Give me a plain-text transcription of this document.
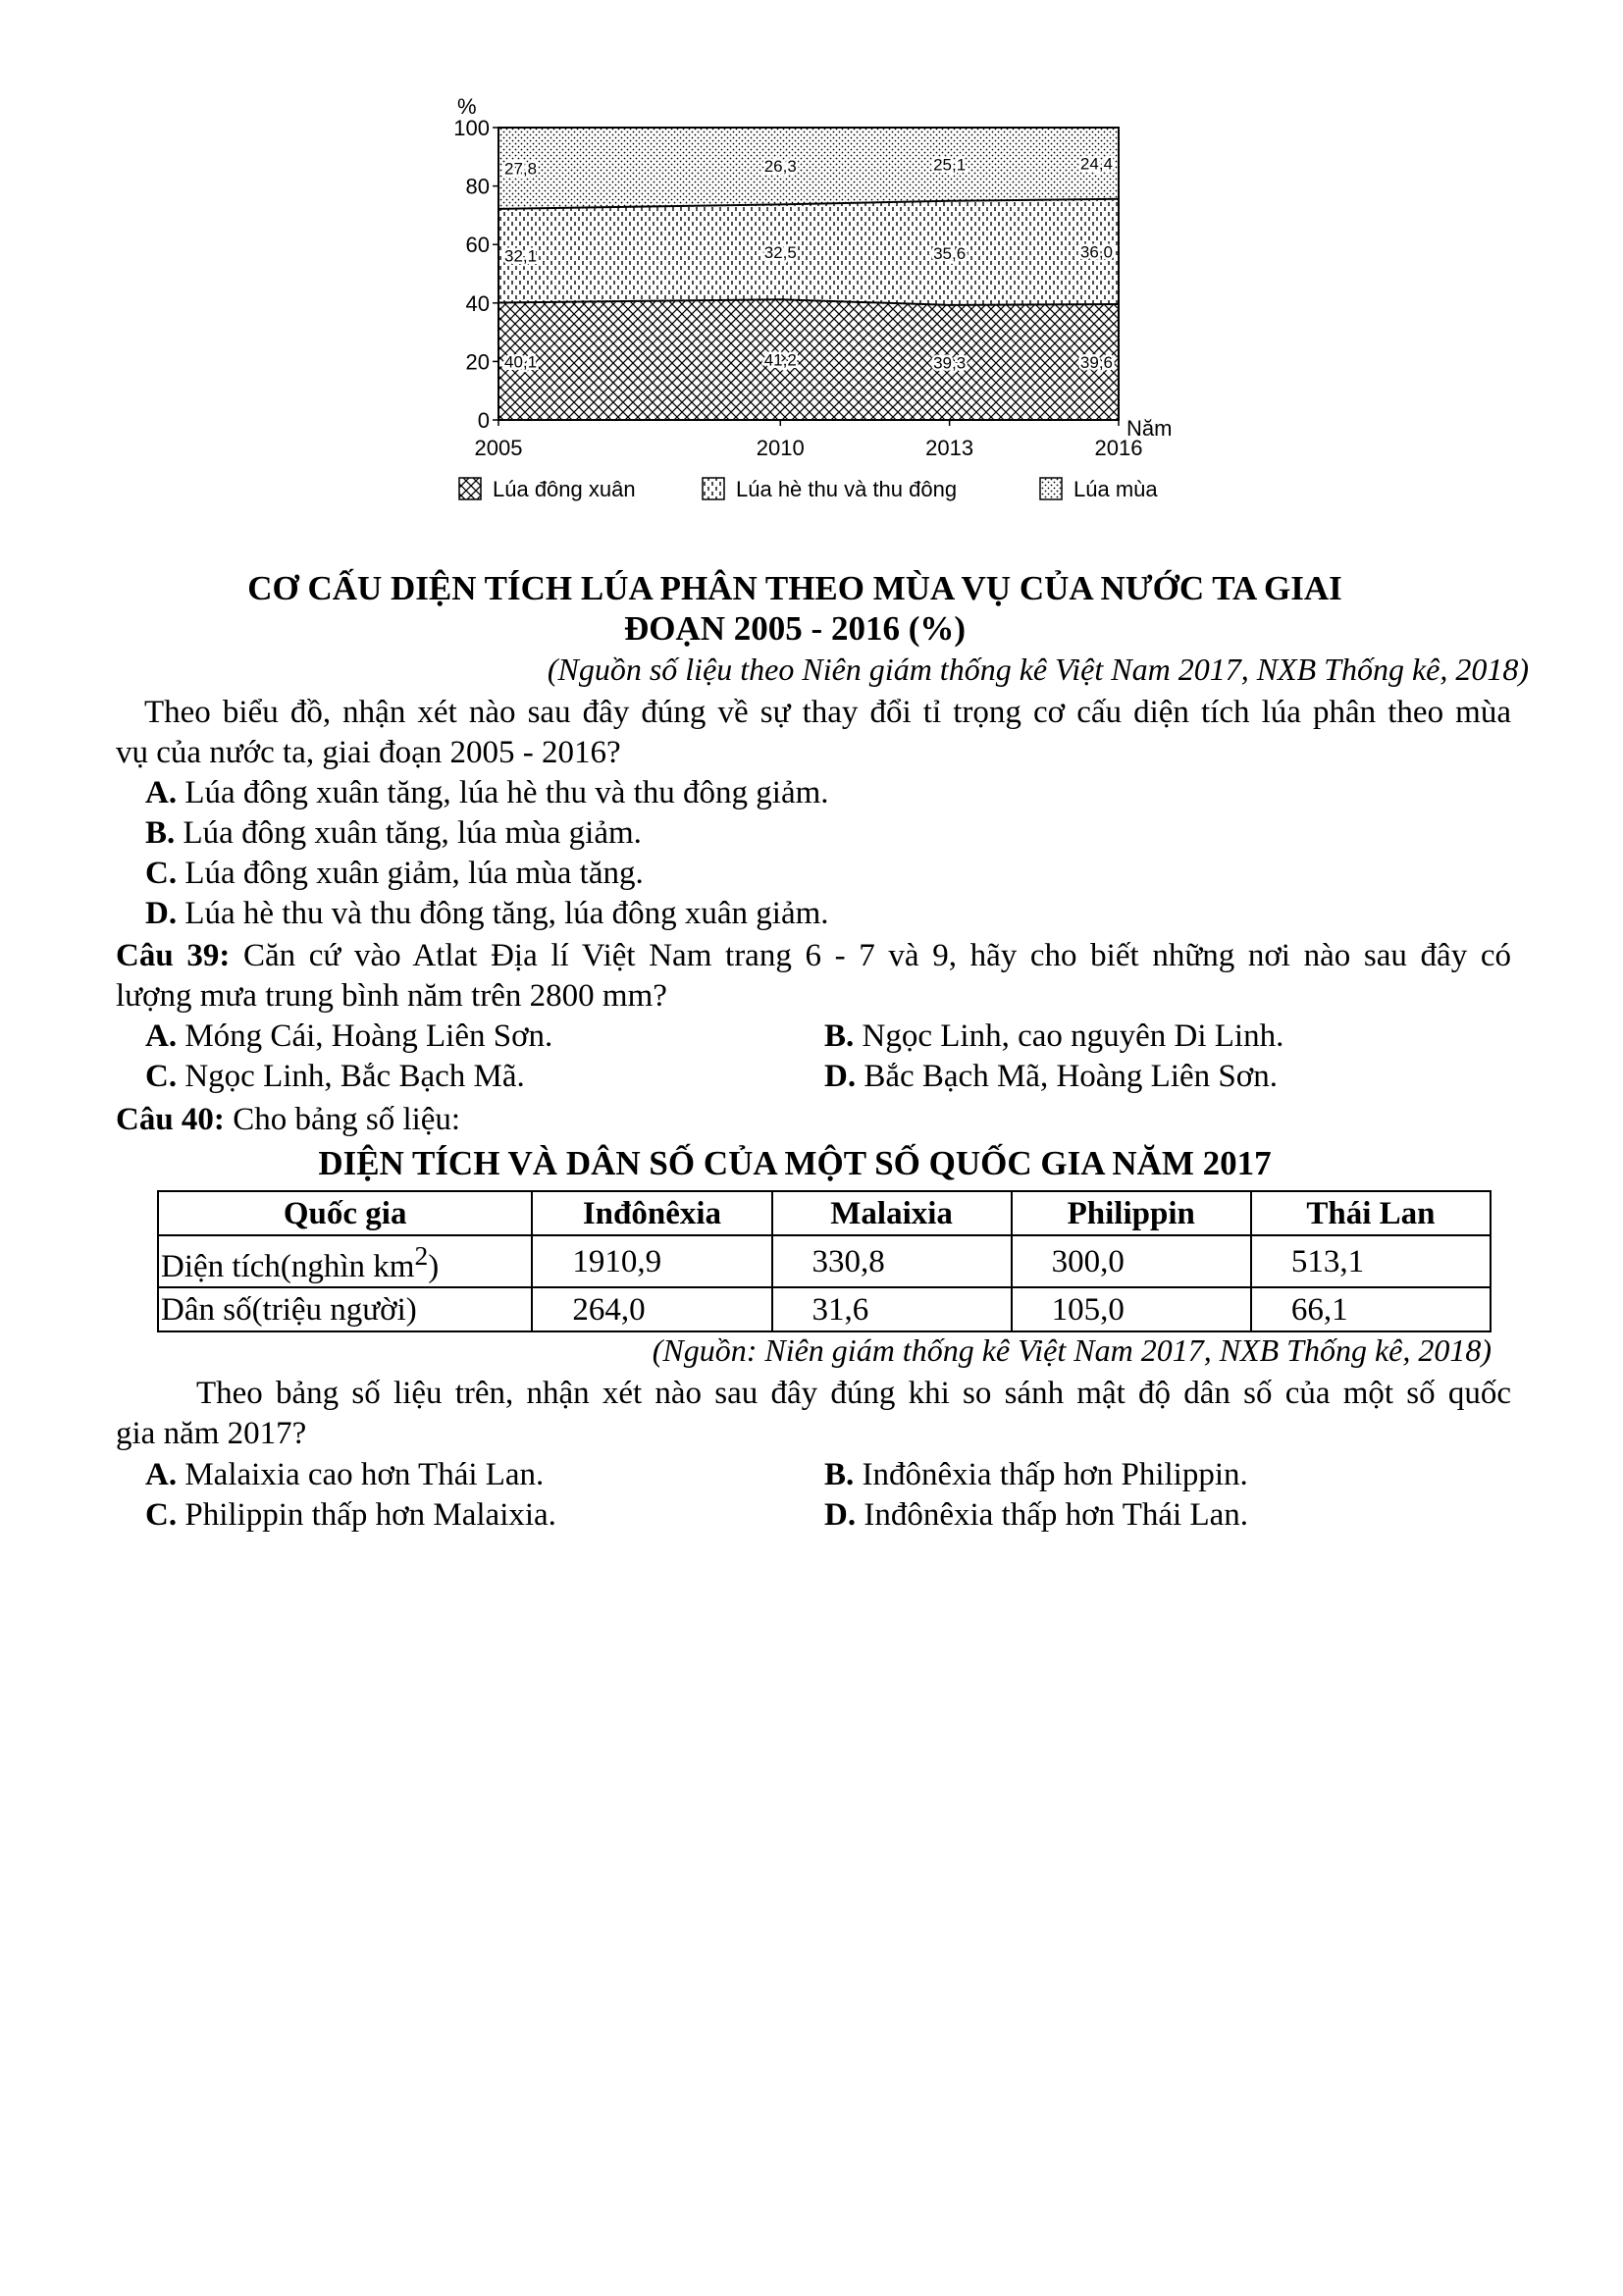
40,1	41,2	39,3	39,6
32,1	32,5	35,6	36,0
27,8	26,3	25,1	24,4
0
20
40
60
80
100
%
2005	2010	2013	2016
Năm
Lúa đông xuân	Lúa hè thu và thu đông	Lúa mùa
CƠ CẤU DIỆN TÍCH LÚA PHÂN THEO MÙA VỤ CỦA NƯỚC TA GIAI
ĐOẠN 2005 - 2016 (%)
(Nguồn số liệu theo Niên giám thống kê Việt Nam 2017, NXB Thống kê, 2018)
Theo biểu đồ, nhận xét nào sau đây đúng về sự thay đổi tỉ trọng cơ cấu diện tích lúa phân theo mùa
vụ của nước ta, giai đoạn 2005 - 2016?
A. Lúa đông xuân tăng, lúa hè thu và thu đông giảm.
B. Lúa đông xuân tăng, lúa mùa giảm.
C. Lúa đông xuân giảm, lúa mùa tăng.
D. Lúa hè thu và thu đông tăng, lúa đông xuân giảm.
Câu 39: Căn cứ vào Atlat Địa lí Việt Nam trang 6 - 7 và 9, hãy cho biết những nơi nào sau đây có
lượng mưa trung bình năm trên 2800 mm?
A. Móng Cái, Hoàng Liên Sơn.	B. Ngọc Linh, cao nguyên Di Linh.
C. Ngọc Linh, Bắc Bạch Mã.	D. Bắc Bạch Mã, Hoàng Liên Sơn.
Câu 40: Cho bảng số liệu:
DIỆN TÍCH VÀ DÂN SỐ CỦA MỘT SỐ QUỐC GIA NĂM 2017
Quốc gia	Inđônêxia	Malaixia	Philippin	Thái Lan
Diện tích(nghìn $km^2$)	1910,9	330,8	300,0	513,1
Dân số(triệu người)	264,0	31,6	105,0	66,1
(Nguồn: Niên giám thống kê Việt Nam 2017, NXB Thống kê, 2018)
Theo bảng số liệu trên, nhận xét nào sau đây đúng khi so sánh mật độ dân số của một số quốc
gia năm 2017?
A. Malaixia cao hơn Thái Lan.	B. Inđônêxia thấp hơn Philippin.
C. Philippin thấp hơn Malaixia.	D. Inđônêxia thấp hơn Thái Lan.
